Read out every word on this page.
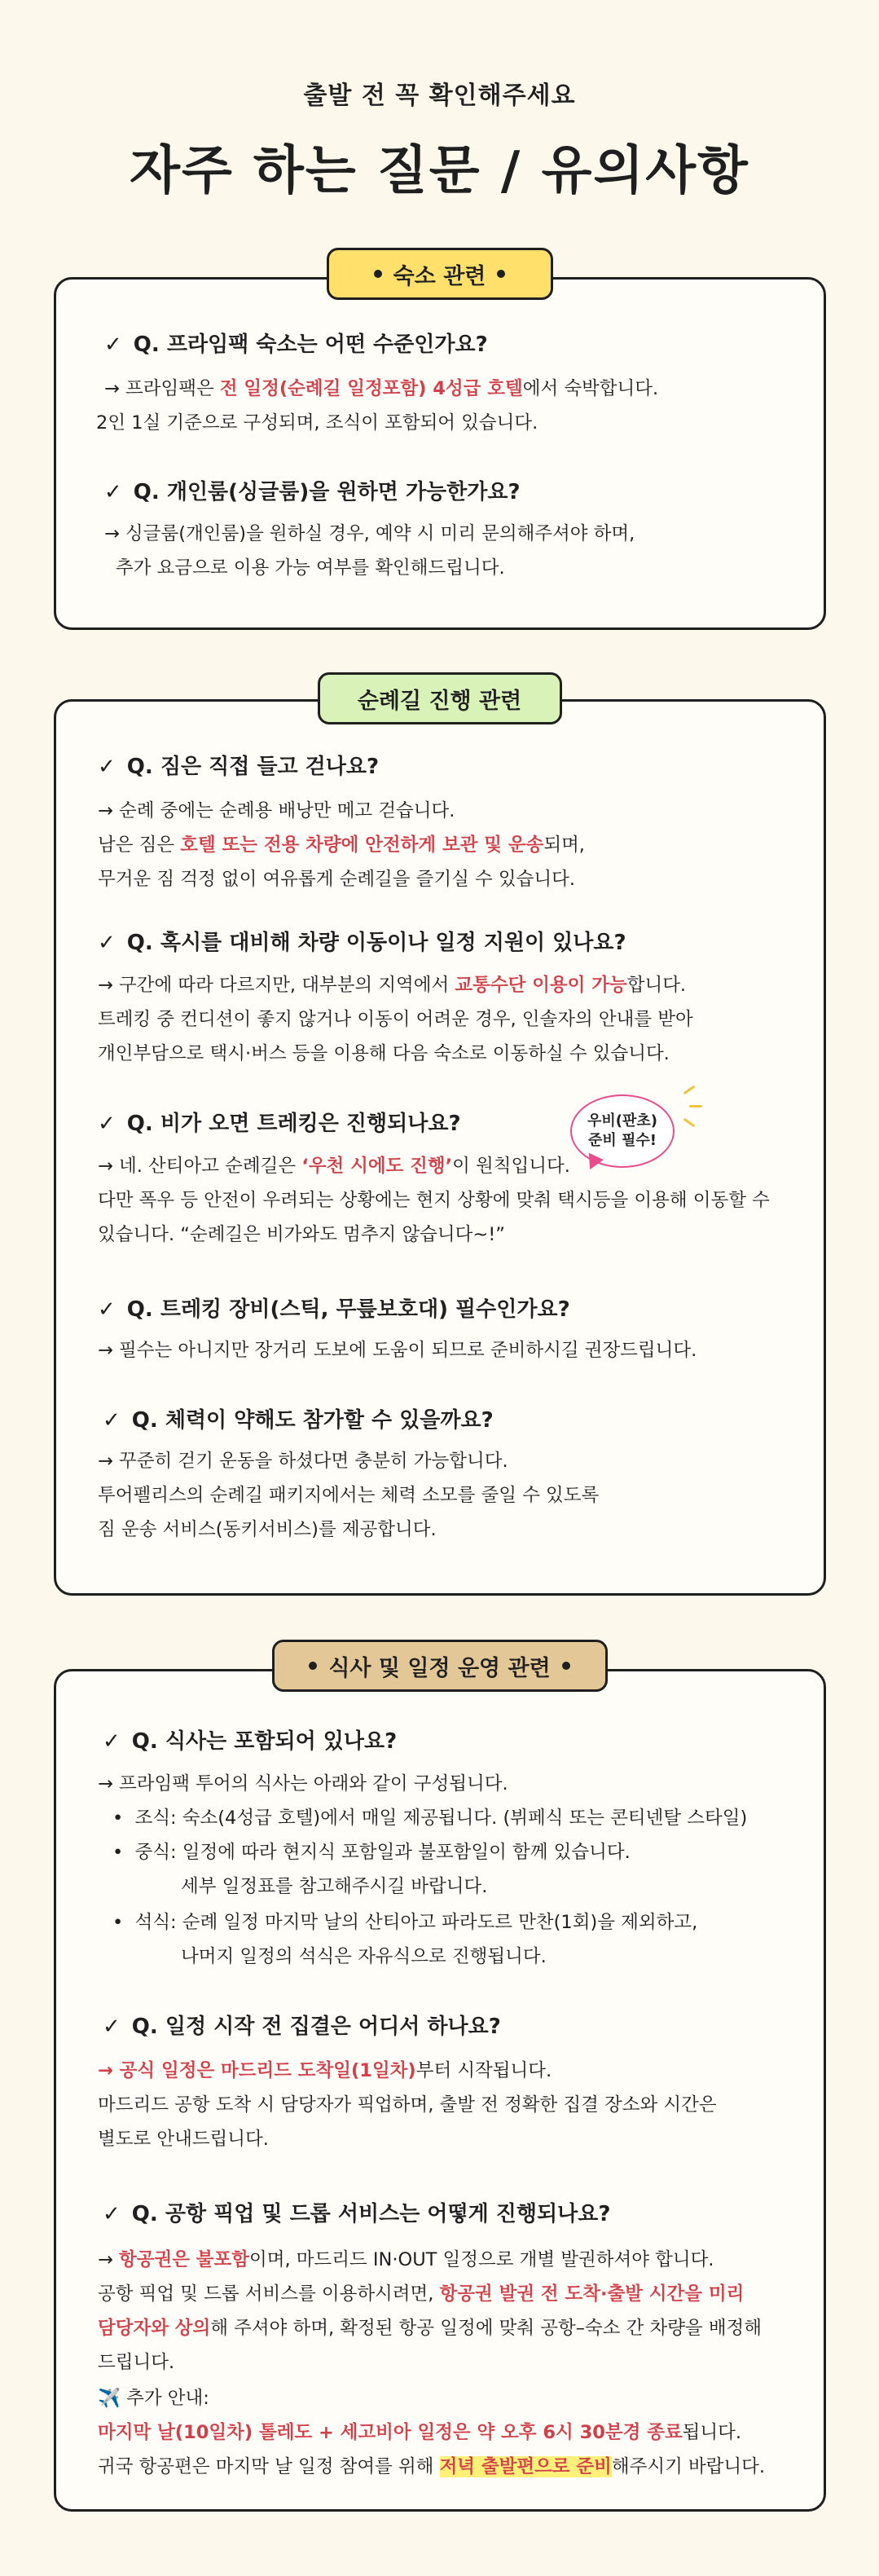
출발 전 꼭 확인해주세요
자주 하는 질문 / 유의사항
숙소 관련
✓ Q. 프라임팩 숙소는 어떤 수준인가요?
→ 프라임팩은 전 일정(순례길 일정포함) 4성급 호텔에서 숙박합니다.
2인 1실 기준으로 구성되며, 조식이 포함되어 있습니다.
✓ Q. 개인룸(싱글룸)을 원하면 가능한가요?
→ 싱글룸(개인룸)을 원하실 경우, 예약 시 미리 문의해주셔야 하며,
추가 요금으로 이용 가능 여부를 확인해드립니다.
순례길 진행 관련
✓ Q. 짐은 직접 들고 걷나요?
→ 순례 중에는 순례용 배낭만 메고 걷습니다.
남은 짐은 호텔 또는 전용 차량에 안전하게 보관 및 운송되며,
무거운 짐 걱정 없이 여유롭게 순례길을 즐기실 수 있습니다.
✓ Q. 혹시를 대비해 차량 이동이나 일정 지원이 있나요?
→ 구간에 따라 다르지만, 대부분의 지역에서 교통수단 이용이 가능합니다.
트레킹 중 컨디션이 좋지 않거나 이동이 어려운 경우, 인솔자의 안내를 받아
개인부담으로 택시·버스 등을 이용해 다음 숙소로 이동하실 수 있습니다.
✓ Q. 비가 오면 트레킹은 진행되나요?	우비(판초)
준비 필수!
→ 네. 산티아고 순례길은 ‘우천 시에도 진행’이 원칙입니다.
다만 폭우 등 안전이 우려되는 상황에는 현지 상황에 맞춰 택시등을 이용해 이동할 수
있습니다. “순례길은 비가와도 멈추지 않습니다~!”
✓ Q. 트레킹 장비(스틱, 무릎보호대) 필수인가요?
→ 필수는 아니지만 장거리 도보에 도움이 되므로 준비하시길 권장드립니다.
✓ Q. 체력이 약해도 참가할 수 있을까요?
→ 꾸준히 걷기 운동을 하셨다면 충분히 가능합니다.
투어펠리스의 순례길 패키지에서는 체력 소모를 줄일 수 있도록
짐 운송 서비스(동키서비스)를 제공합니다.
식사 및 일정 운영 관련
✓ Q. 식사는 포함되어 있나요?
→ 프라임팩 투어의 식사는 아래와 같이 구성됩니다.
•  조식: 숙소(4성급 호텔)에서 매일 제공됩니다. (뷔페식 또는 콘티넨탈 스타일)
•  중식: 일정에 따라 현지식 포함일과 불포함일이 함께 있습니다.
세부 일정표를 참고해주시길 바랍니다.
•  석식: 순례 일정 마지막 날의 산티아고 파라도르 만찬(1회)을 제외하고,
나머지 일정의 석식은 자유식으로 진행됩니다.
✓ Q. 일정 시작 전 집결은 어디서 하나요?
→ 공식 일정은 마드리드 도착일(1일차)부터 시작됩니다.
마드리드 공항 도착 시 담당자가 픽업하며, 출발 전 정확한 집결 장소와 시간은
별도로 안내드립니다.
✓ Q. 공항 픽업 및 드롭 서비스는 어떻게 진행되나요?
→ 항공권은 불포함이며, 마드리드 IN·OUT 일정으로 개별 발권하셔야 합니다.
공항 픽업 및 드롭 서비스를 이용하시려면, 항공권 발권 전 도착·출발 시간을 미리
담당자와 상의해 주셔야 하며, 확정된 항공 일정에 맞춰 공항–숙소 간 차량을 배정해
드립니다.
✈️ 추가 안내:
마지막 날(10일차) 톨레도 + 세고비아 일정은 약 오후 6시 30분경 종료됩니다.
귀국 항공편은 마지막 날 일정 참여를 위해 저녁 출발편으로 준비해주시기 바랍니다.
